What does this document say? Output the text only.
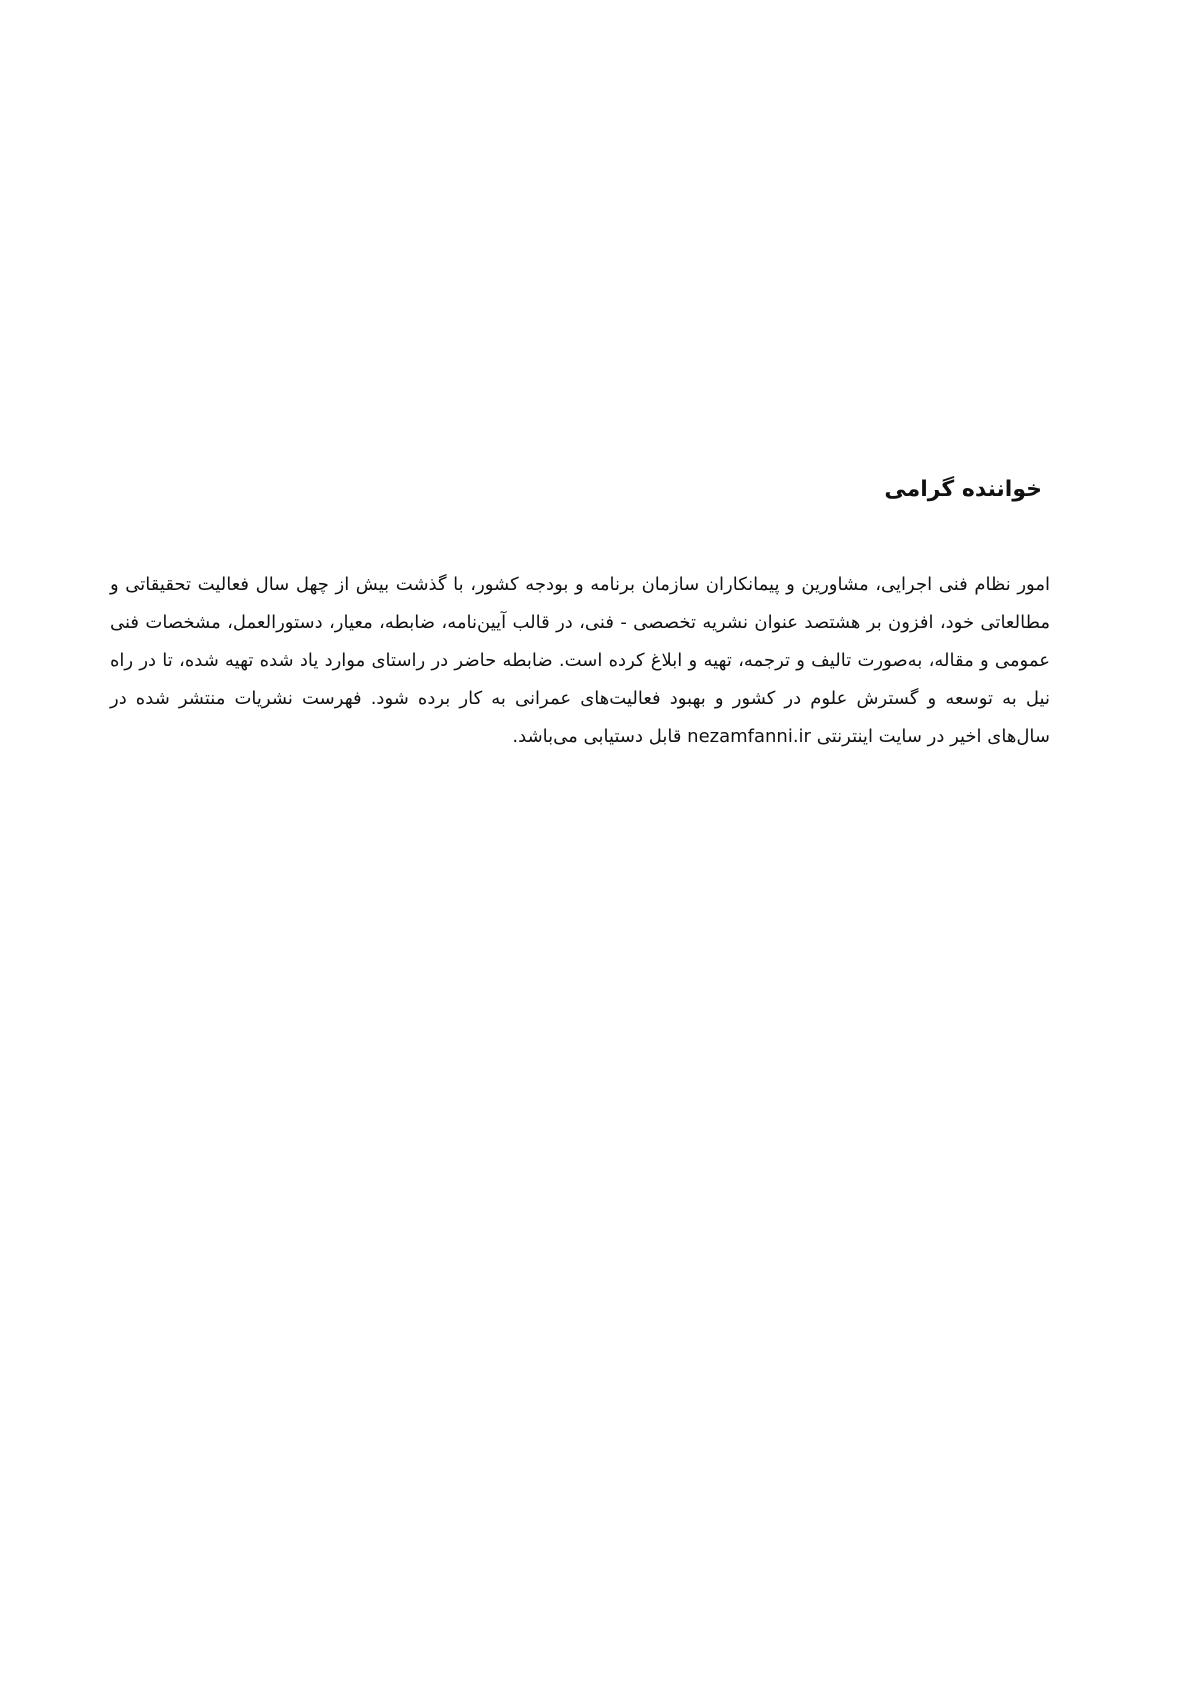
خواننده گرامی

امور نظام فنی اجرایی، مشاورین و پیمانکاران سازمان برنامه و بودجه کشور، با گذشت بیش از چهل سال فعالیت تحقیقاتی و مطالعاتی خود، افزون بر هشتصد عنوان نشریه تخصصی - فنی، در قالب آیین‌نامه، ضابطه، معیار، دستورالعمل، مشخصات فنی عمومی و مقاله، به‌صورت تالیف و ترجمه، تهیه و ابلاغ کرده است. ضابطه حاضر در راستای موارد یاد شده تهیه شده، تا در راه نیل به توسعه و گسترش علوم در کشور و بهبود فعالیت‌های عمرانی به کار برده شود. فهرست نشریات منتشر شده در سال‌های اخیر در سایت اینترنتی nezamfanni.ir قابل دستیابی می‌باشد.
